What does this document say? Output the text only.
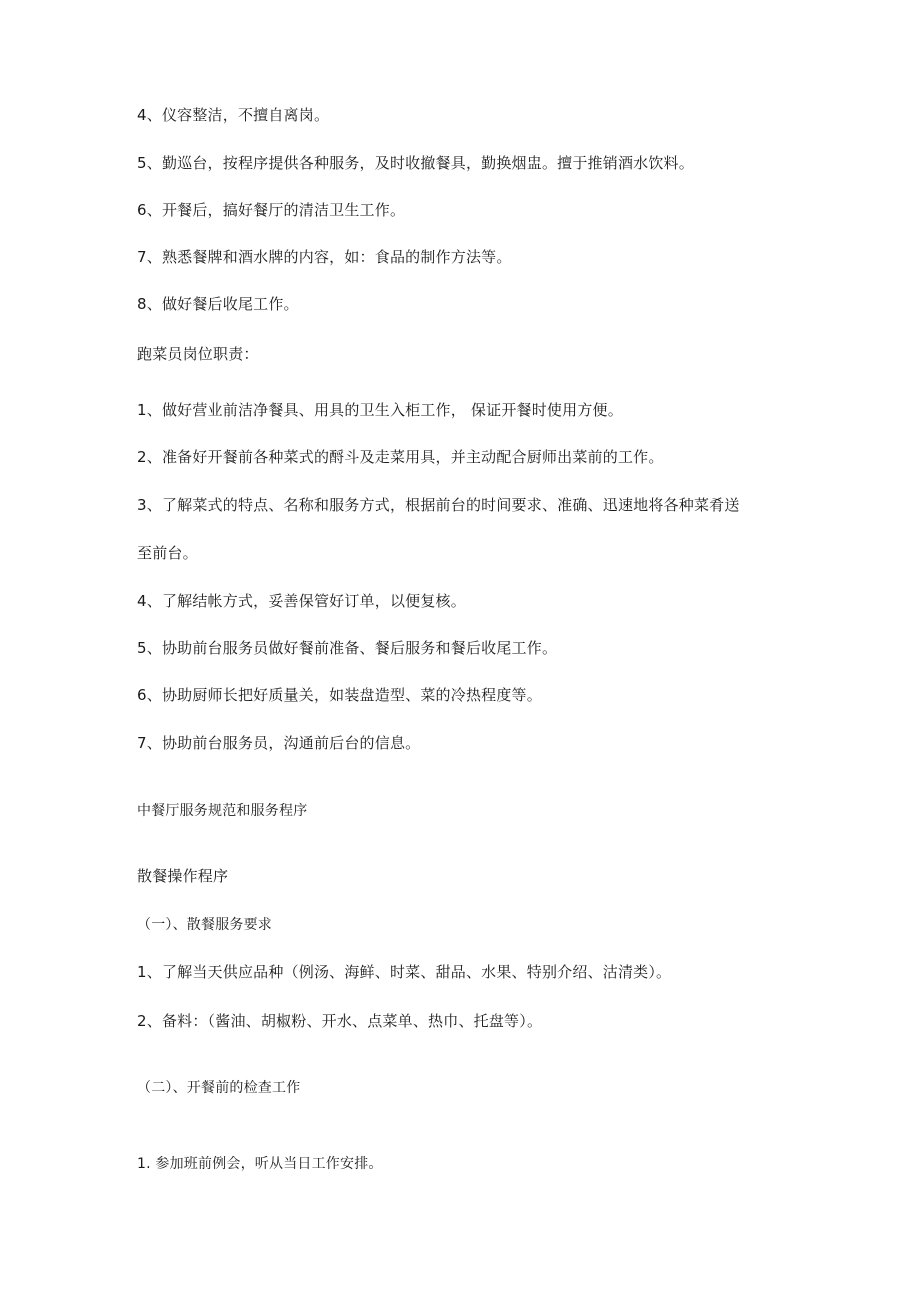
4、仪容整洁，不擅自离岗。
5、勤巡台，按程序提供各种服务，及时收撤餐具，勤换烟盅。擅于推销酒水饮料。
6、开餐后，搞好餐厅的清洁卫生工作。
7、熟悉餐牌和酒水牌的内容，如：食品的制作方法等。
8、做好餐后收尾工作。
跑菜员岗位职责：
1、做好营业前洁净餐具、用具的卫生入柜工作， 保证开餐时使用方便。
2、准备好开餐前各种菜式的酹斗及走菜用具，并主动配合厨师出菜前的工作。
3、了解菜式的特点、名称和服务方式，根据前台的时间要求、准确、迅速地将各种菜肴送
至前台。
4、了解结帐方式，妥善保管好订单，以便复核。
5、协助前台服务员做好餐前准备、餐后服务和餐后收尾工作。
6、协助厨师长把好质量关，如装盘造型、菜的冷热程度等。
7、协助前台服务员，沟通前后台的信息。
中餐厅服务规范和服务程序
散餐操作程序
（一）、散餐服务要求
1、了解当天供应品种（例汤、海鲜、时菜、甜品、水果、特别介绍、沽清类）。
2、备料：（酱油、胡椒粉、开水、点菜单、热巾、托盘等）。
（二）、开餐前的检查工作
1. 参加班前例会，听从当日工作安排。
